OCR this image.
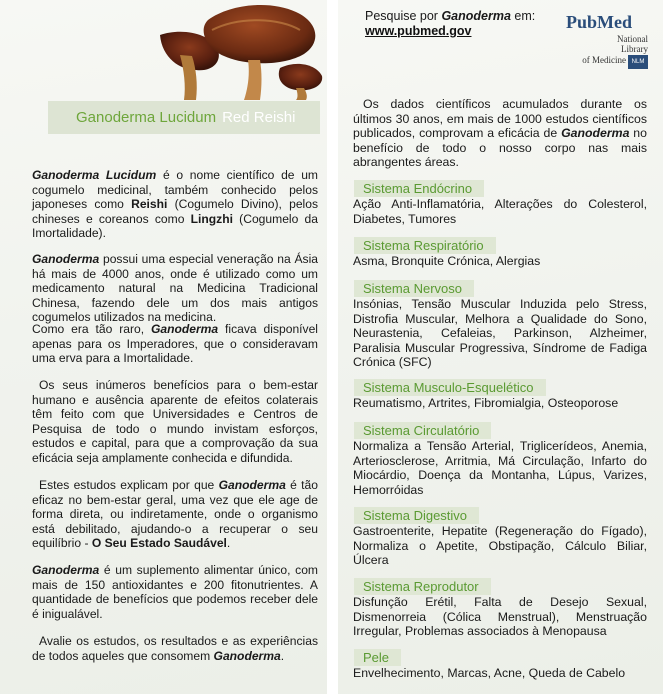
Ganoderma Lucidum Red Reishi

Ganoderma Lucidum é o nome científico de um cogumelo medicinal, também conhecido pelos japoneses como Reishi (Cogumelo Divino), pelos chineses e coreanos como Lingzhi (Cogumelo da Imortalidade).

Ganoderma possui uma especial veneração na Ásia há mais de 4000 anos, onde é utilizado como um medicamento natural na Medicina Tradicional Chinesa, fazendo dele um dos mais antigos cogumelos utilizados na medicina.

Como era tão raro, Ganoderma ficava disponível apenas para os Imperadores, que o consideravam uma erva para a Imortalidade.

Os seus inúmeros benefícios para o bem-estar humano e ausência aparente de efeitos colaterais têm feito com que Universidades e Centros de Pesquisa de todo o mundo invistam esforços, estudos e capital, para que a comprovação da sua eficácia seja amplamente conhecida e difundida.

Estes estudos explicam por que Ganoderma é tão eficaz no bem-estar geral, uma vez que ele age de forma direta, ou indiretamente, onde o organismo está debilitado, ajudando-o a recuperar o seu equilíbrio - O Seu Estado Saudável.

Ganoderma é um suplemento alimentar único, com mais de 150 antioxidantes e 200 fitonutrientes. A quantidade de benefícios que podemos receber dele é inigualável.

Avalie os estudos, os resultados e as experiências de todos aqueles que consomem Ganoderma.

Pesquise por Ganoderma em:
www.pubmed.gov	PubMed
National
Library
of Medicine NLM

Os dados científicos acumulados durante os últimos 30 anos, em mais de 1000 estudos científicos publicados, comprovam a eficácia de Ganoderma no benefício de todo o nosso corpo nas mais abrangentes áreas.

Sistema Endócrino

Ação Anti-Inflamatória, Alterações do Colesterol, Diabetes, Tumores

Sistema Respiratório

Asma, Bronquite Crónica, Alergias

Sistema Nervoso

Insónias, Tensão Muscular Induzida pelo Stress, Distrofia Muscular, Melhora a Qualidade do Sono, Neurastenia, Cefaleias, Parkinson, Alzheimer, Paralisia Muscular Progressiva, Síndrome de Fadiga Crónica (SFC)

Sistema Musculo-Esquelético

Reumatismo, Artrites, Fibromialgia, Osteoporose

Sistema Circulatório

Normaliza a Tensão Arterial, Triglicerídeos, Anemia, Arteriosclerose, Arritmia, Má Circulação, Infarto do Miocárdio, Doença da Montanha, Lúpus, Varizes, Hemorróidas

Sistema Digestivo

Gastroenterite, Hepatite (Regeneração do Fígado), Normaliza o Apetite, Obstipação, Cálculo Biliar, Úlcera

Sistema Reprodutor

Disfunção Erétil, Falta de Desejo Sexual, Dismenorreia (Cólica Menstrual), Menstruação Irregular, Problemas associados à Menopausa

Pele

Envelhecimento, Marcas, Acne, Queda de Cabelo
